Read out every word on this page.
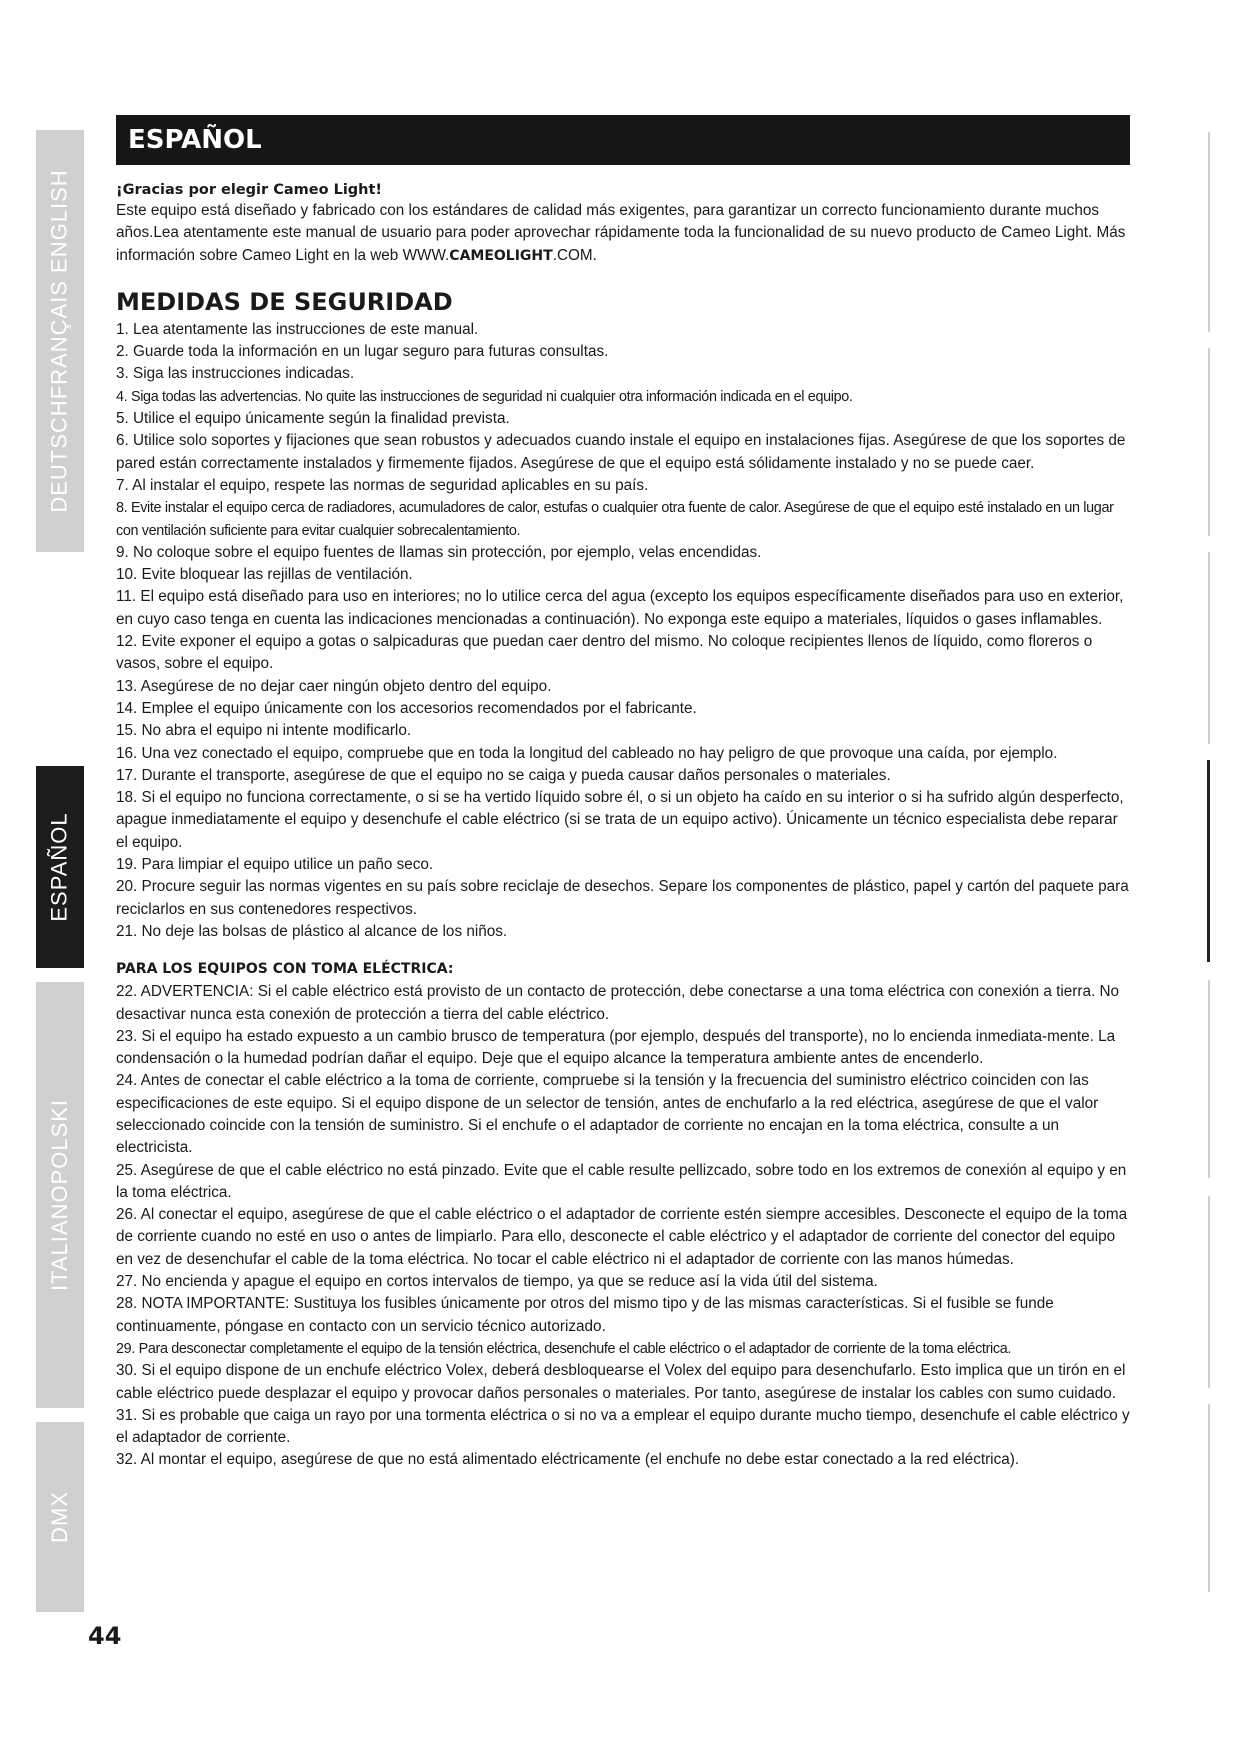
DEUTSCHFRANÇAIS ENGLISH
ESPAÑOL
ITALIANOPOLSKI
DMX
ESPAÑOL

¡Gracias por elegir Cameo Light!

Este equipo está diseñado y fabricado con los estándares de calidad más exigentes, para garantizar un correcto funcionamiento durante muchos años.Lea atentamente este manual de usuario para poder aprovechar rápidamente toda la funcionalidad de su nuevo producto de Cameo Light. Más información sobre Cameo Light en la web WWW.CAMEOLIGHT.COM.

MEDIDAS DE SEGURIDAD

1. Lea atentamente las instrucciones de este manual.

2. Guarde toda la información en un lugar seguro para futuras consultas.

3. Siga las instrucciones indicadas.

4. Siga todas las advertencias. No quite las instrucciones de seguridad ni cualquier otra información indicada en el equipo.

5. Utilice el equipo únicamente según la finalidad prevista.

6. Utilice solo soportes y fijaciones que sean robustos y adecuados cuando instale el equipo en instalaciones fijas. Asegúrese de que los soportes de pared están correctamente instalados y firmemente fijados. Asegúrese de que el equipo está sólidamente instalado y no se puede caer.

7. Al instalar el equipo, respete las normas de seguridad aplicables en su país.

8. Evite instalar el equipo cerca de radiadores, acumuladores de calor, estufas o cualquier otra fuente de calor. Asegúrese de que el equipo esté instalado en un lugar con ventilación suficiente para evitar cualquier sobrecalentamiento.

9. No coloque sobre el equipo fuentes de llamas sin protección, por ejemplo, velas encendidas.

10. Evite bloquear las rejillas de ventilación.

11. El equipo está diseñado para uso en interiores; no lo utilice cerca del agua (excepto los equipos específicamente diseñados para uso en exterior, en cuyo caso tenga en cuenta las indicaciones mencionadas a continuación). No exponga este equipo a materiales, líquidos o gases inflamables.

12. Evite exponer el equipo a gotas o salpicaduras que puedan caer dentro del mismo. No coloque recipientes llenos de líquido, como floreros o vasos, sobre el equipo.

13. Asegúrese de no dejar caer ningún objeto dentro del equipo.

14. Emplee el equipo únicamente con los accesorios recomendados por el fabricante.

15. No abra el equipo ni intente modificarlo.

16. Una vez conectado el equipo, compruebe que en toda la longitud del cableado no hay peligro de que provoque una caída, por ejemplo.

17. Durante el transporte, asegúrese de que el equipo no se caiga y pueda causar daños personales o materiales.

18. Si el equipo no funciona correctamente, o si se ha vertido líquido sobre él, o si un objeto ha caído en su interior o si ha sufrido algún desperfecto, apague inmediatamente el equipo y desenchufe el cable eléctrico (si se trata de un equipo activo). Únicamente un técnico especialista debe reparar el equipo.

19. Para limpiar el equipo utilice un paño seco.

20. Procure seguir las normas vigentes en su país sobre reciclaje de desechos. Separe los componentes de plástico, papel y cartón del paquete para reciclarlos en sus contenedores respectivos.

21. No deje las bolsas de plástico al alcance de los niños.

PARA LOS EQUIPOS CON TOMA ELÉCTRICA:

22. ADVERTENCIA: Si el cable eléctrico está provisto de un contacto de protección, debe conectarse a una toma eléctrica con conexión a tierra. No desactivar nunca esta conexión de protección a tierra del cable eléctrico.

23. Si el equipo ha estado expuesto a un cambio brusco de temperatura (por ejemplo, después del transporte), no lo encienda inmediata-mente. La condensación o la humedad podrían dañar el equipo. Deje que el equipo alcance la temperatura ambiente antes de encenderlo.

24. Antes de conectar el cable eléctrico a la toma de corriente, compruebe si la tensión y la frecuencia del suministro eléctrico coinciden con las especificaciones de este equipo. Si el equipo dispone de un selector de tensión, antes de enchufarlo a la red eléctrica, asegúrese de que el valor seleccionado coincide con la tensión de suministro. Si el enchufe o el adaptador de corriente no encajan en la toma eléctrica, consulte a un electricista.

25. Asegúrese de que el cable eléctrico no está pinzado. Evite que el cable resulte pellizcado, sobre todo en los extremos de conexión al equipo y en la toma eléctrica.

26. Al conectar el equipo, asegúrese de que el cable eléctrico o el adaptador de corriente estén siempre accesibles. Desconecte el equipo de la toma de corriente cuando no esté en uso o antes de limpiarlo. Para ello, desconecte el cable eléctrico y el adaptador de corriente del conector del equipo en vez de desenchufar el cable de la toma eléctrica. No tocar el cable eléctrico ni el adaptador de corriente con las manos húmedas.

27. No encienda y apague el equipo en cortos intervalos de tiempo, ya que se reduce así la vida útil del sistema.

28. NOTA IMPORTANTE: Sustituya los fusibles únicamente por otros del mismo tipo y de las mismas características. Si el fusible se funde continuamente, póngase en contacto con un servicio técnico autorizado.

29. Para desconectar completamente el equipo de la tensión eléctrica, desenchufe el cable eléctrico o el adaptador de corriente de la toma eléctrica.

30. Si el equipo dispone de un enchufe eléctrico Volex, deberá desbloquearse el Volex del equipo para desenchufarlo. Esto implica que un tirón en el cable eléctrico puede desplazar el equipo y provocar daños personales o materiales. Por tanto, asegúrese de instalar los cables con sumo cuidado.

31. Si es probable que caiga un rayo por una tormenta eléctrica o si no va a emplear el equipo durante mucho tiempo, desenchufe el cable eléctrico y el adaptador de corriente.

32. Al montar el equipo, asegúrese de que no está alimentado eléctricamente (el enchufe no debe estar conectado a la red eléctrica).

44
